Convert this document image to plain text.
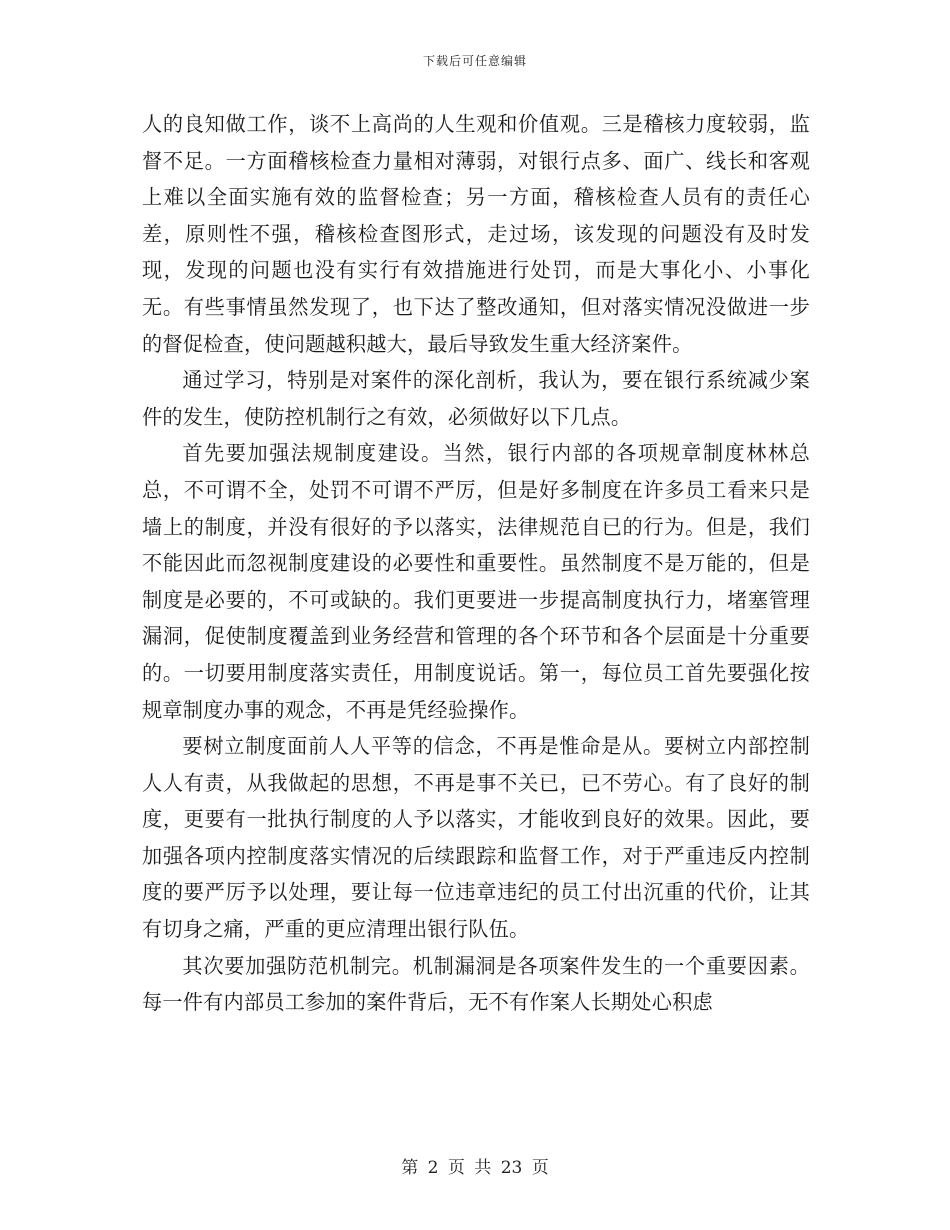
下载后可任意编辑

人的良知做工作，谈不上高尚的人生观和价值观。三是稽核力度较弱，监督不足。一方面稽核检查力量相对薄弱，对银行点多、面广、线长和客观上难以全面实施有效的监督检查；另一方面，稽核检查人员有的责任心差，原则性不强，稽核检查图形式，走过场，该发现的问题没有及时发现，发现的问题也没有实行有效措施进行处罚，而是大事化小、小事化无。有些事情虽然发现了，也下达了整改通知，但对落实情况没做进一步的督促检查，使问题越积越大，最后导致发生重大经济案件。

通过学习，特别是对案件的深化剖析，我认为，要在银行系统减少案件的发生，使防控机制行之有效，必须做好以下几点。

首先要加强法规制度建设。当然，银行内部的各项规章制度林林总总，不可谓不全，处罚不可谓不严厉，但是好多制度在许多员工看来只是墙上的制度，并没有很好的予以落实，法律规范自已的行为。但是，我们不能因此而忽视制度建设的必要性和重要性。虽然制度不是万能的，但是制度是必要的，不可或缺的。我们更要进一步提高制度执行力，堵塞管理漏洞，促使制度覆盖到业务经营和管理的各个环节和各个层面是十分重要的。一切要用制度落实责任，用制度说话。第一，每位员工首先要强化按规章制度办事的观念，不再是凭经验操作。

要树立制度面前人人平等的信念，不再是惟命是从。要树立内部控制人人有责，从我做起的思想，不再是事不关已，已不劳心。有了良好的制度，更要有一批执行制度的人予以落实，才能收到良好的效果。因此，要加强各项内控制度落实情况的后续跟踪和监督工作，对于严重违反内控制度的要严厉予以处理，要让每一位违章违纪的员工付出沉重的代价，让其有切身之痛，严重的更应清理出银行队伍。

其次要加强防范机制完。机制漏洞是各项案件发生的一个重要因素。每一件有内部员工参加的案件背后，无不有作案人长期处心积虑

第 2 页 共 23 页
